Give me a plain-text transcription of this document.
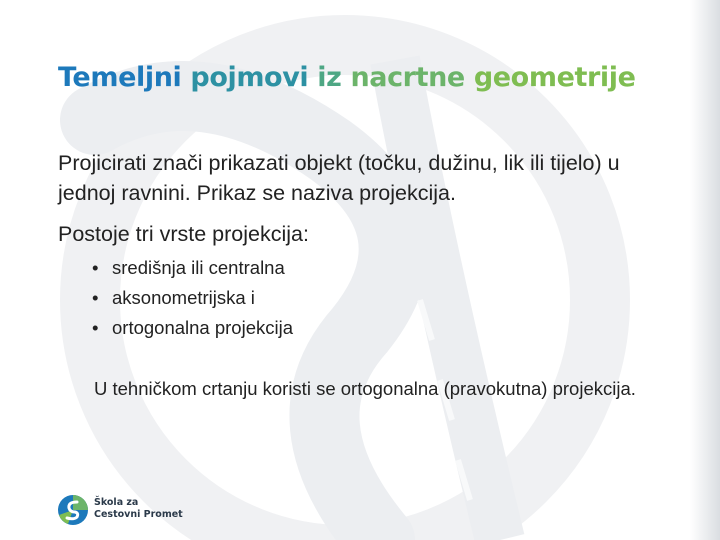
Temeljni pojmovi iz nacrtne geometrije

Projicirati znači prikazati objekt (točku, dužinu, lik ili tijelo) u jednoj ravnini. Prikaz se naziva projekcija.

Postoje tri vrste projekcija:

• središnja ili centralna
• aksonometrijska i
• ortogonalna projekcija

U tehničkom crtanju koristi se ortogonalna (pravokutna) projekcija.

Škola za
Cestovni Promet
